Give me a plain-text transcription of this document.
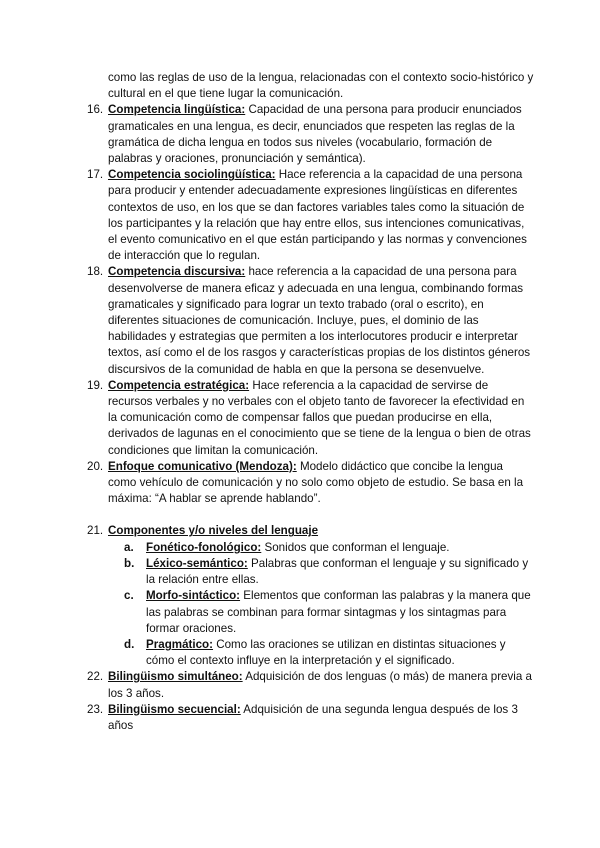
como las reglas de uso de la lengua, relacionadas con el contexto socio-histórico y cultural en el que tiene lugar la comunicación.

16. Competencia lingüística: Capacidad de una persona para producir enunciados gramaticales en una lengua, es decir, enunciados que respeten las reglas de la gramática de dicha lengua en todos sus niveles (vocabulario, formación de palabras y oraciones, pronunciación y semántica).

17. Competencia sociolingüística: Hace referencia a la capacidad de una persona para producir y entender adecuadamente expresiones lingüísticas en diferentes contextos de uso, en los que se dan factores variables tales como la situación de los participantes y la relación que hay entre ellos, sus intenciones comunicativas, el evento comunicativo en el que están participando y las normas y convenciones de interacción que lo regulan.

18. Competencia discursiva: hace referencia a la capacidad de una persona para desenvolverse de manera eficaz y adecuada en una lengua, combinando formas gramaticales y significado para lograr un texto trabado (oral o escrito), en diferentes situaciones de comunicación. Incluye, pues, el dominio de las habilidades y estrategias que permiten a los interlocutores producir e interpretar textos, así como el de los rasgos y características propias de los distintos géneros discursivos de la comunidad de habla en que la persona se desenvuelve.

19. Competencia estratégica: Hace referencia a la capacidad de servirse de recursos verbales y no verbales con el objeto tanto de favorecer la efectividad en la comunicación como de compensar fallos que puedan producirse en ella, derivados de lagunas en el conocimiento que se tiene de la lengua o bien de otras condiciones que limitan la comunicación.

20. Enfoque comunicativo (Mendoza): Modelo didáctico que concibe la lengua como vehículo de comunicación y no solo como objeto de estudio. Se basa en la máxima: “A hablar se aprende hablando”.

21. Componentes y/o niveles del lenguaje

a. Fonético-fonológico: Sonidos que conforman el lenguaje.

b. Léxico-semántico: Palabras que conforman el lenguaje y su significado y la relación entre ellas.

c. Morfo-sintáctico: Elementos que conforman las palabras y la manera que las palabras se combinan para formar sintagmas y los sintagmas para formar oraciones.

d. Pragmático: Como las oraciones se utilizan en distintas situaciones y cómo el contexto influye en la interpretación y el significado.

22. Bilingüismo simultáneo: Adquisición de dos lenguas (o más) de manera previa a los 3 años.

23. Bilingüismo secuencial: Adquisición de una segunda lengua después de los 3 años
